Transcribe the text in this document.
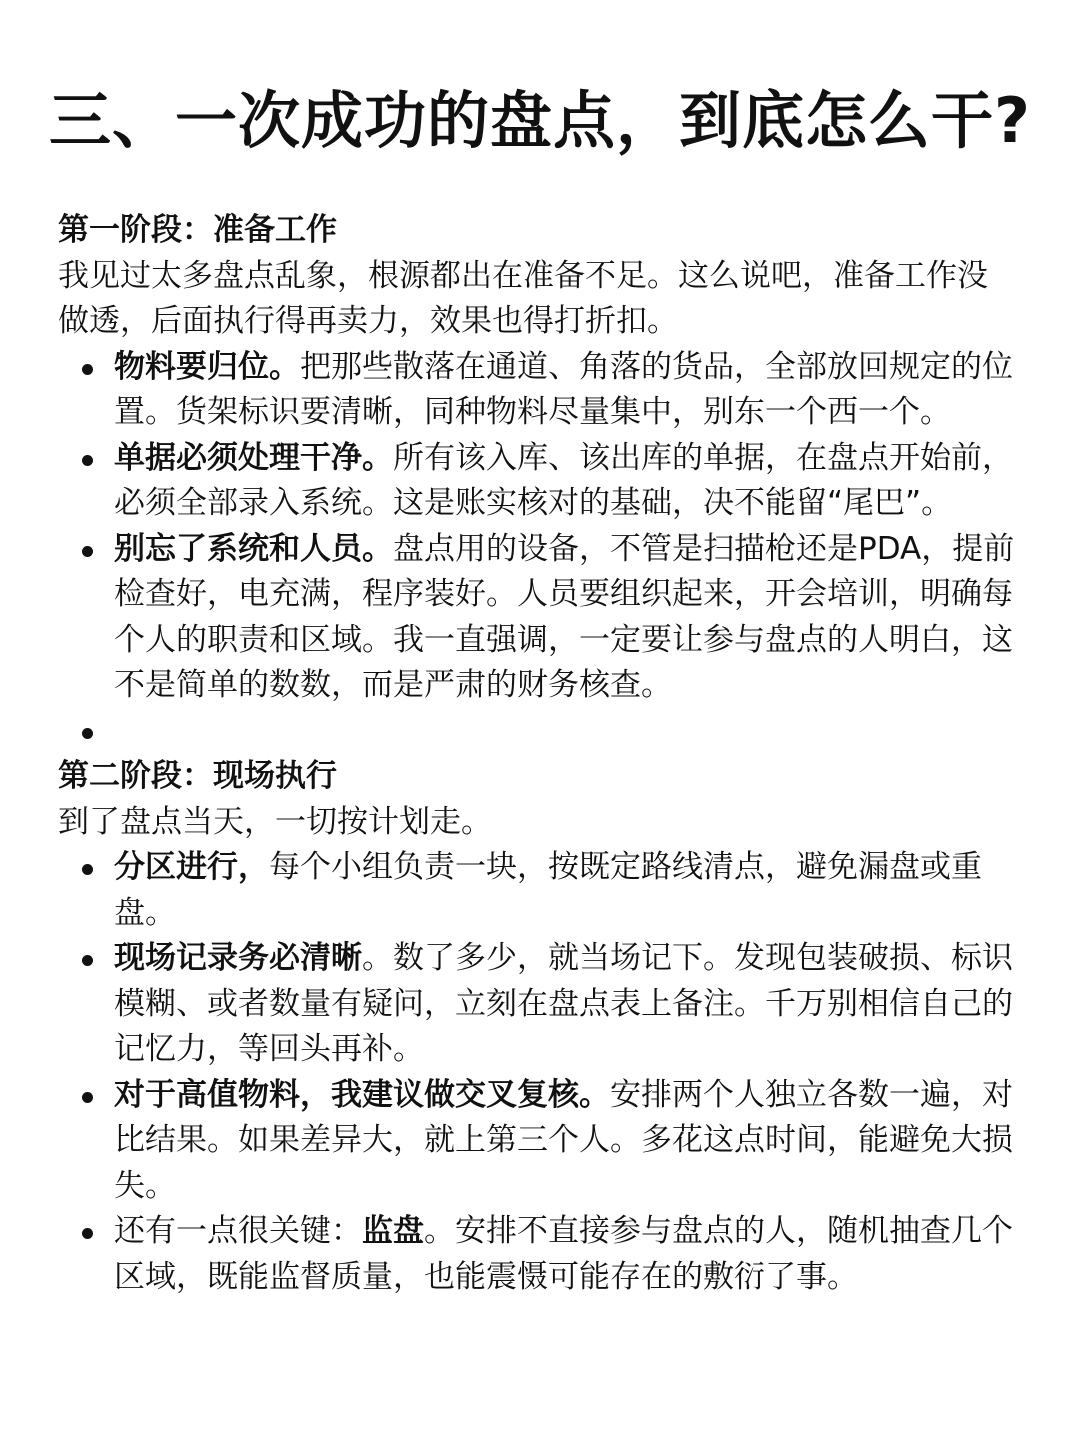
三、一次成功的盘点，到底怎么干?

第一阶段：准备工作

我见过太多盘点乱象，根源都出在准备不足。这么说吧，准备工作没做透，后面执行得再卖力，效果也得打折扣。

物料要归位。把那些散落在通道、角落的货品，全部放回规定的位置。货架标识要清晰，同种物料尽量集中，别东一个西一个。
单据必须处理干净。所有该入库、该出库的单据，在盘点开始前，必须全部录入系统。这是账实核对的基础，决不能留“尾巴”。
别忘了系统和人员。盘点用的设备，不管是扫描枪还是PDA，提前检查好，电充满，程序装好。人员要组织起来，开会培训，明确每个人的职责和区域。我一直强调，一定要让参与盘点的人明白，这不是简单的数数，而是严肃的财务核查。

第二阶段：现场执行

到了盘点当天，一切按计划走。

分区进行，每个小组负责一块，按既定路线清点，避免漏盘或重盘。
现场记录务必清晰。数了多少，就当场记下。发现包装破损、标识模糊、或者数量有疑问，立刻在盘点表上备注。千万别相信自己的记忆力，等回头再补。
对于高值物料，我建议做交叉复核。安排两个人独立各数一遍，对比结果。如果差异大，就上第三个人。多花这点时间，能避免大损失。
还有一点很关键：监盘。安排不直接参与盘点的人，随机抽查几个区域，既能监督质量，也能震慑可能存在的敷衍了事。
